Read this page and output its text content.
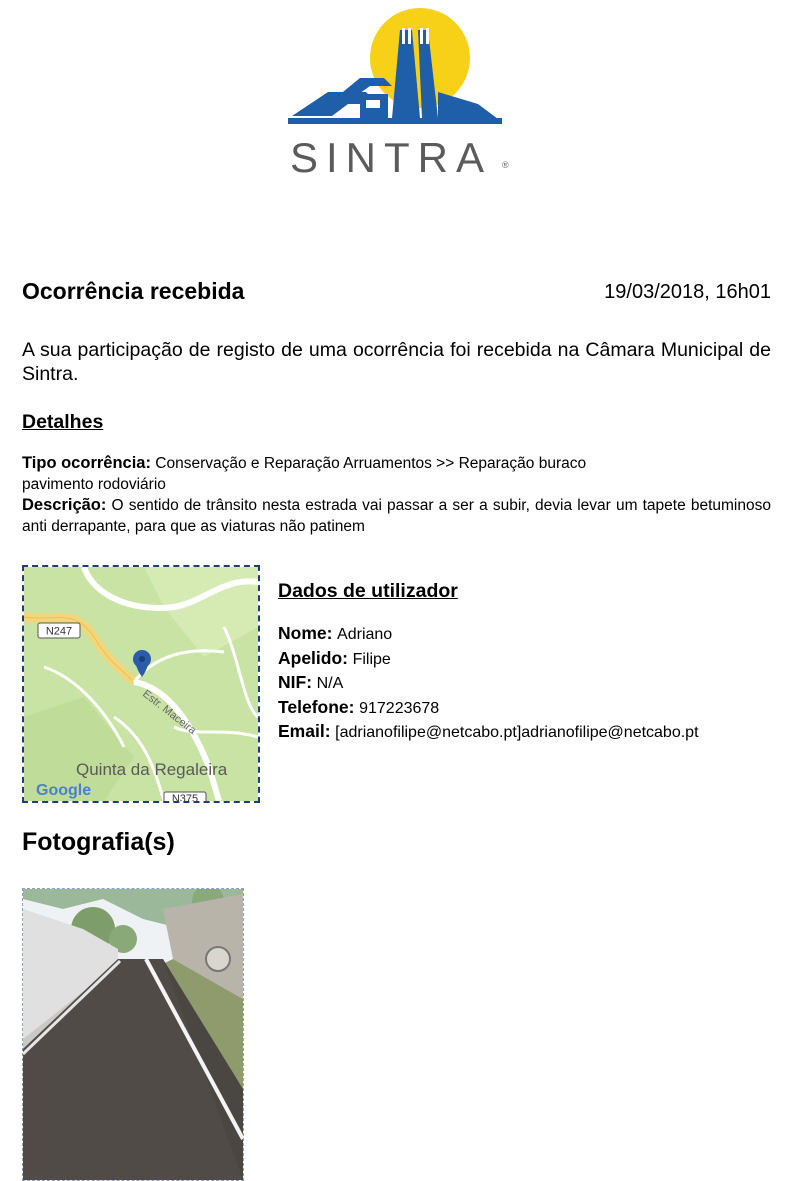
SINTRA	®
Ocorrência recebida	19/03/2018, 16h01
A sua participação de registo de uma ocorrência foi recebida na Câmara Municipal de Sintra.
Detalhes
Tipo ocorrência: Conservação e Reparação Arruamentos >> Reparação buraco
pavimento rodoviário
Descrição: O sentido de trânsito nesta estrada vai passar a ser a subir, devia levar um tapete betuminoso anti derrapante, para que as viaturas não patinem
N247
N375
Estr. Maceira
Quinta da Regaleira
Google
Dados de utilizador
Nome: Adriano
Apelido: Filipe
NIF: N/A
Telefone: 917223678
Email: [adrianofilipe@netcabo.pt]adrianofilipe@netcabo.pt
Fotografia(s)
